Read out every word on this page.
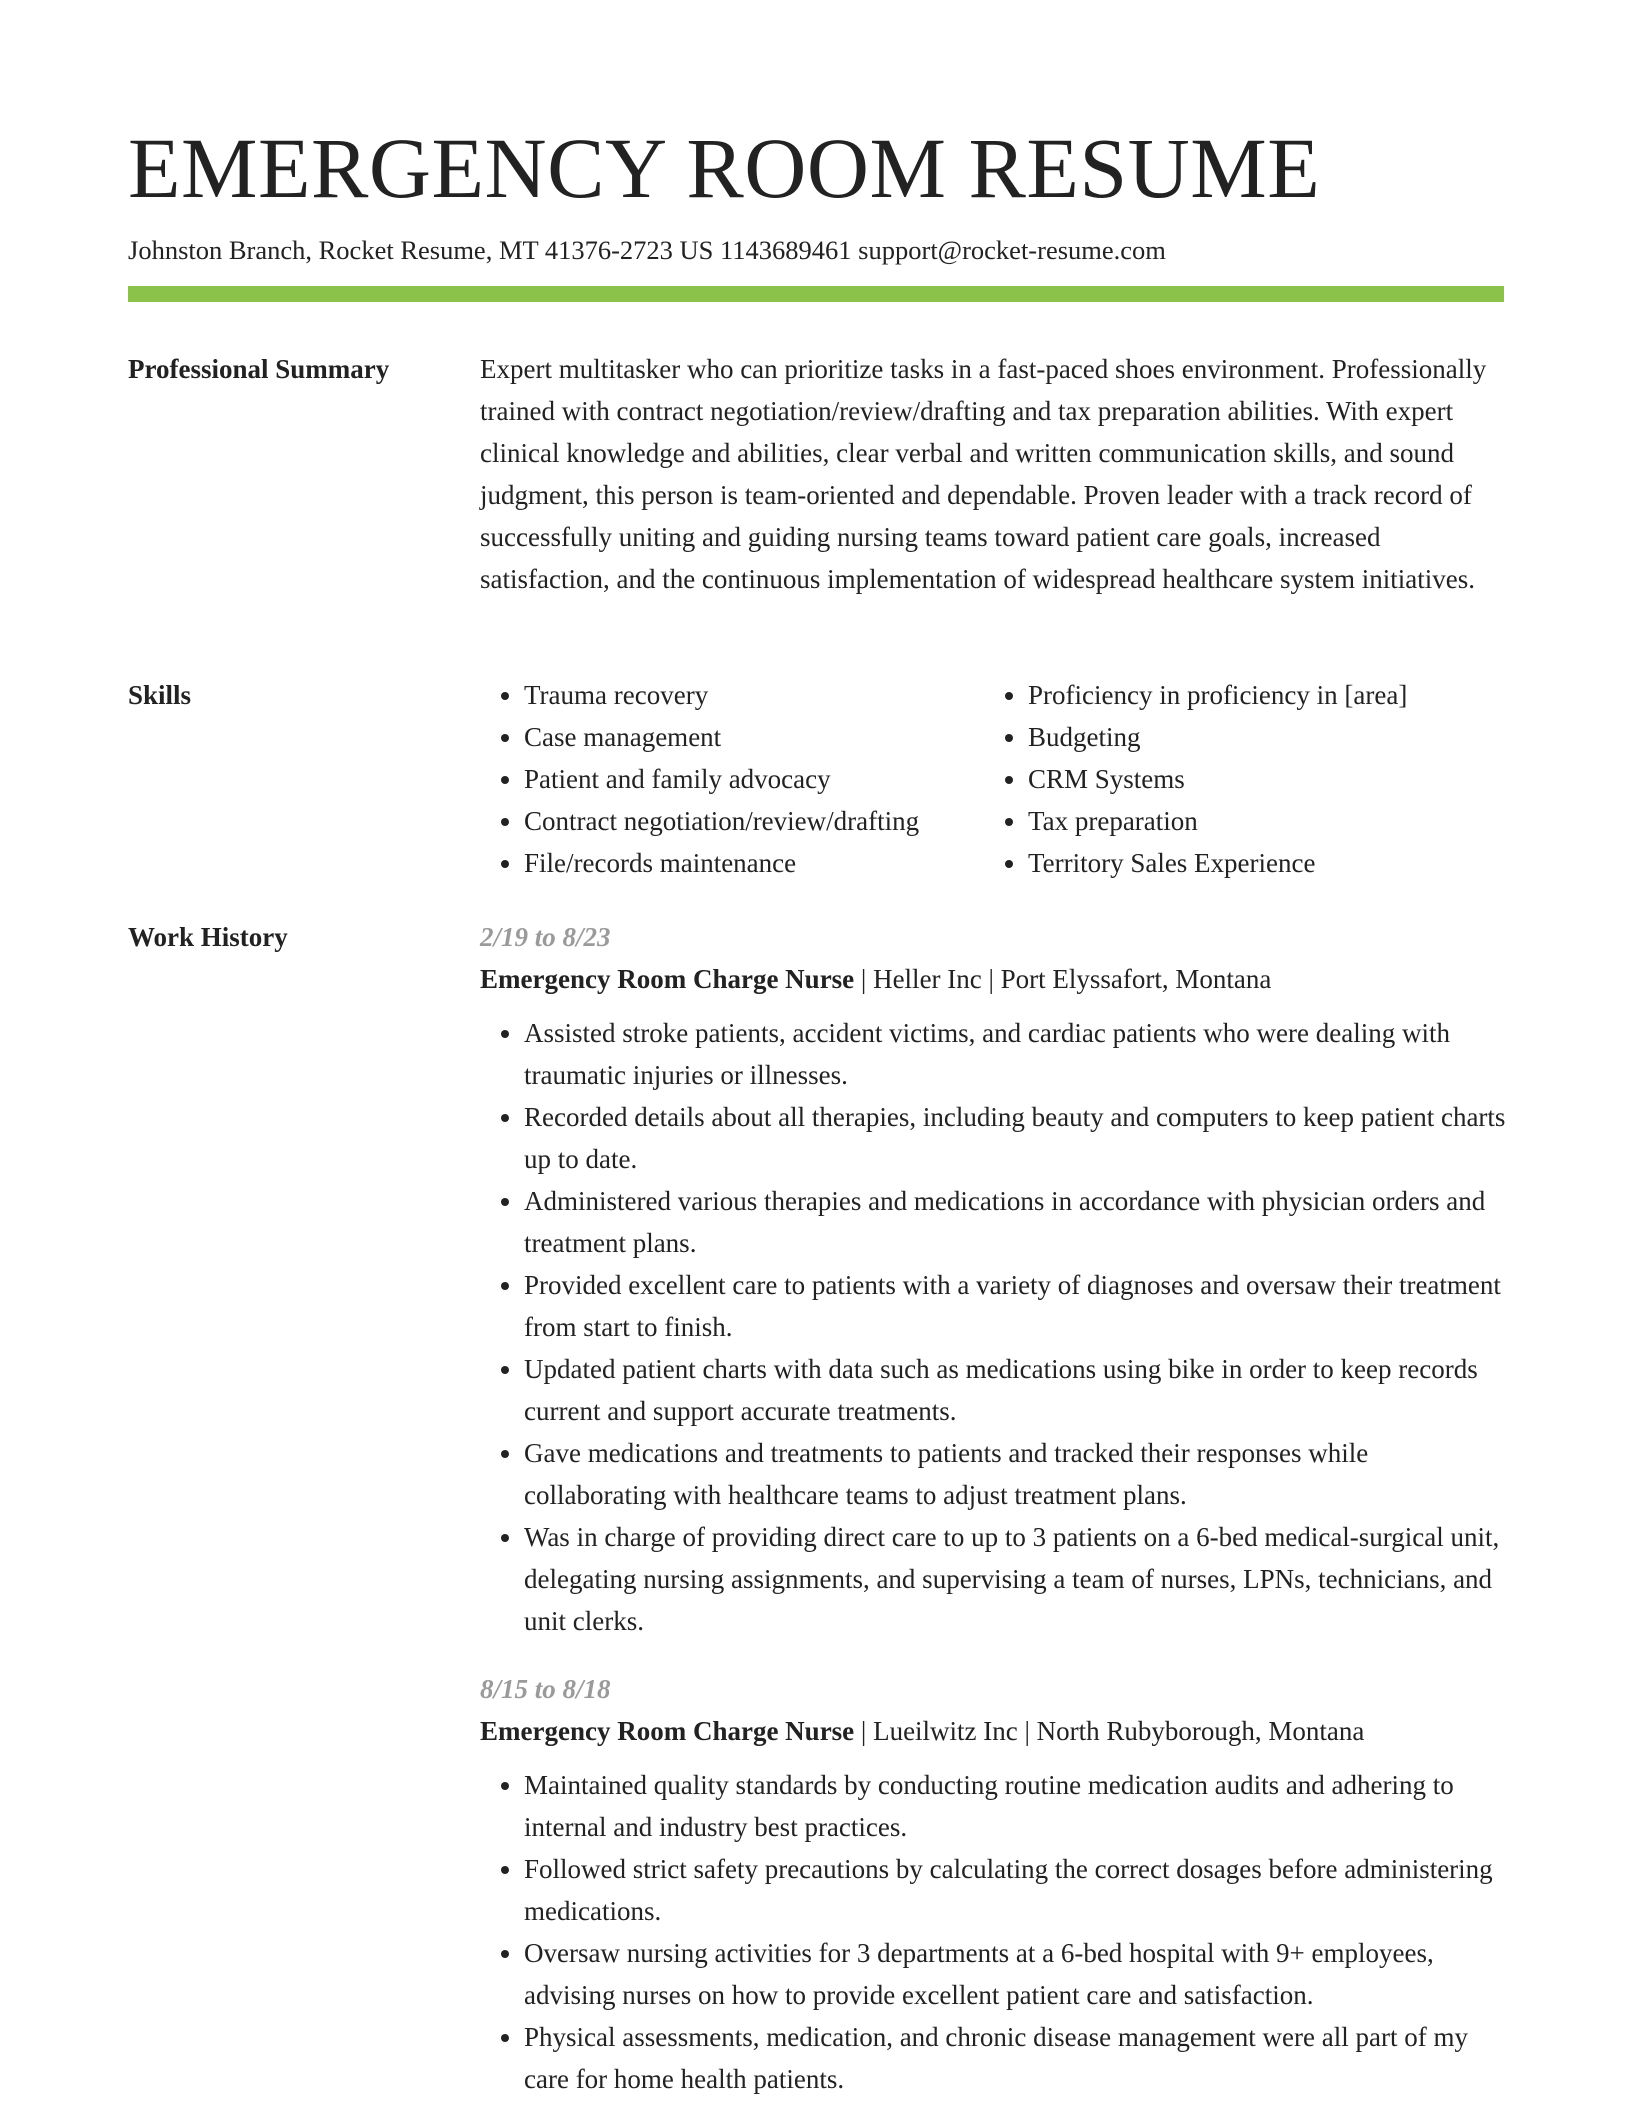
EMERGENCY ROOM RESUME
Johnston Branch, Rocket Resume, MT 41376-2723 US 1143689461 support@rocket-resume.com
Professional Summary	Expert multitasker who can prioritize tasks in a fast-paced shoes environment. Professionally trained with contract negotiation/review/drafting and tax preparation abilities. With expert clinical knowledge and abilities, clear verbal and written communication skills, and sound judgment, this person is team-oriented and dependable. Proven leader with a track record of successfully uniting and guiding nursing teams toward patient care goals, increased satisfaction, and the continuous implementation of widespread healthcare system initiatives.

Skills
•	Trauma recovery
• Case management
• Patient and family advocacy
• Contract negotiation/review/drafting
• File/records maintenance
• Proficiency in proficiency in [area]
• Budgeting
• CRM Systems
• Tax preparation
• Territory Sales Experience
Work History	2/19 to 8/23
Emergency Room Charge Nurse | Heller Inc | Port Elyssafort, Montana
• Assisted stroke patients, accident victims, and cardiac patients who were dealing with traumatic injuries or illnesses.
• Recorded details about all therapies, including beauty and computers to keep patient charts up to date.
• Administered various therapies and medications in accordance with physician orders and treatment plans.
• Provided excellent care to patients with a variety of diagnoses and oversaw their treatment from start to finish.
• Updated patient charts with data such as medications using bike in order to keep records current and support accurate treatments.
• Gave medications and treatments to patients and tracked their responses while collaborating with healthcare teams to adjust treatment plans.
• Was in charge of providing direct care to up to 3 patients on a 6-bed medical-surgical unit, delegating nursing assignments, and supervising a team of nurses, LPNs, technicians, and unit clerks.
8/15 to 8/18
Emergency Room Charge Nurse | Lueilwitz Inc | North Rubyborough, Montana
• Maintained quality standards by conducting routine medication audits and adhering to internal and industry best practices.
• Followed strict safety precautions by calculating the correct dosages before administering medications.
• Oversaw nursing activities for 3 departments at a 6-bed hospital with 9+ employees, advising nurses on how to provide excellent patient care and satisfaction.
• Physical assessments, medication, and chronic disease management were all part of my care for home health patients.
